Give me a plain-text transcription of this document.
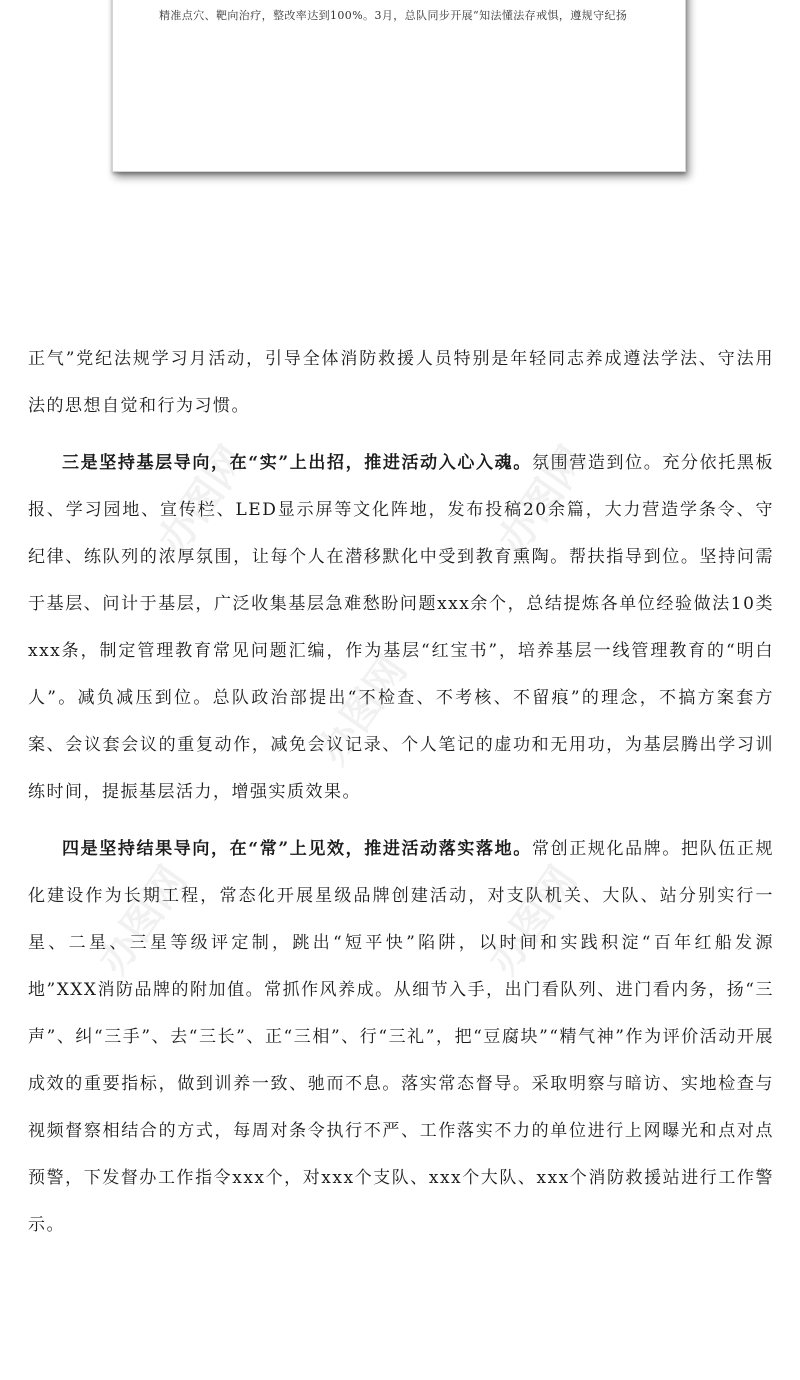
精准点穴、靶向治疗，整改率达到100%。3月，总队同步开展“知法懂法存戒惧，遵规守纪扬
办图网	办图网
办图网
办图网	办图网

正气”党纪法规学习月活动，引导全体消防救援人员特别是年轻同志养成遵法学法、守法用法的思想自觉和行为习惯。

三是坚持基层导向，在“实”上出招，推进活动入心入魂。氛围营造到位。充分依托黑板报、学习园地、宣传栏、LED显示屏等文化阵地，发布投稿20余篇，大力营造学条令、守纪律、练队列的浓厚氛围，让每个人在潜移默化中受到教育熏陶。帮扶指导到位。坚持问需于基层、问计于基层，广泛收集基层急难愁盼问题xxx余个，总结提炼各单位经验做法10类xxx条，制定管理教育常见问题汇编，作为基层“红宝书”，培养基层一线管理教育的“明白人”。减负减压到位。总队政治部提出“不检查、不考核、不留痕”的理念，不搞方案套方案、会议套会议的重复动作，减免会议记录、个人笔记的虚功和无用功，为基层腾出学习训练时间，提振基层活力，增强实质效果。

四是坚持结果导向，在“常”上见效，推进活动落实落地。常创正规化品牌。把队伍正规化建设作为长期工程，常态化开展星级品牌创建活动，对支队机关、大队、站分别实行一星、二星、三星等级评定制，跳出“短平快”陷阱，以时间和实践积淀“百年红船发源地”XXX消防品牌的附加值。常抓作风养成。从细节入手，出门看队列、进门看内务，扬“三声”、纠“三手”、去“三长”、正“三相”、行“三礼”，把“豆腐块”“精气神”作为评价活动开展成效的重要指标，做到训养一致、驰而不息。落实常态督导。采取明察与暗访、实地检查与视频督察相结合的方式，每周对条令执行不严、工作落实不力的单位进行上网曝光和点对点预警，下发督办工作指令xxx个，对xxx个支队、xxx个大队、xxx个消防救援站进行工作警示。
